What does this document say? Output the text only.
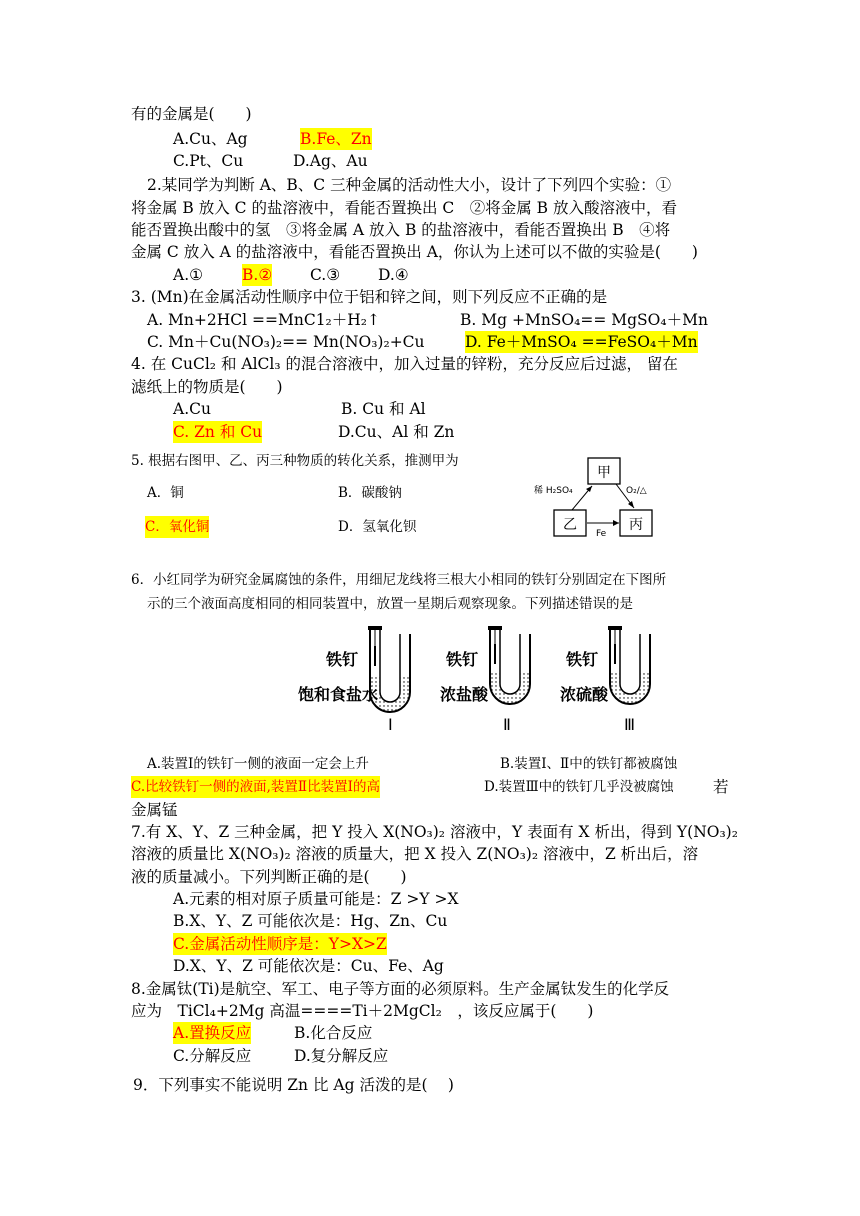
有的金属是(　　)
A.Cu、Ag	B.Fe、Zn
C.Pt、Cu	D.Ag、Au
2.某同学为判断 A、B、C 三种金属的活动性大小，设计了下列四个实验：①
将金属 B 放入 C 的盐溶液中，看能否置换出 C　②将金属 B 放入酸溶液中，看
能否置换出酸中的氢　③将金属 A 放入 B 的盐溶液中，看能否置换出 B　④将
金属 C 放入 A 的盐溶液中，看能否置换出 A，你认为上述可以不做的实验是(　　)
A.①	B.② C.③ D.④
3. (Mn)在金属活动性顺序中位于铝和锌之间，则下列反应不正确的是
A. Mn+2HCl ==MnC1₂＋H₂↑	B. Mg +MnSO₄== MgSO₄＋Mn
C. Mn＋Cu(NO₃)₂== Mn(NO₃)₂+Cu	D. Fe＋MnSO₄ ==FeSO₄＋Mn
4. 在 CuCl₂ 和 AlCl₃ 的混合溶液中，加入过量的锌粉，充分反应后过滤， 留在
滤纸上的物质是(　　)
A.Cu	B. Cu 和 Al
C. Zn 和 Cu	D.Cu、Al 和 Zn
5. 根据右图甲、乙、丙三种物质的转化关系，推测甲为
A．铜	B．碳酸钠
C．氧化铜	D．氢氧化钡
甲
乙	丙
稀 H₂SO₄	O₂/△
Fe
6．小红同学为研究金属腐蚀的条件，用细尼龙线将三根大小相同的铁钉分别固定在下图所
示的三个液面高度相同的相同装置中，放置一星期后观察现象。下列描述错误的是
铁钉
饱和食盐水
Ⅰ
铁钉
浓盐酸
Ⅱ
铁钉
浓硫酸
Ⅲ
A.装置Ⅰ的铁钉一侧的液面一定会上升	B.装置Ⅰ、Ⅱ中的铁钉都被腐蚀
C.比较铁钉一侧的液面,装置Ⅱ比装置Ⅰ的高	D.装置Ⅲ中的铁钉几乎没被腐蚀	若
金属锰
7.有 X、Y、Z 三种金属，把 Y 投入 X(NO₃)₂ 溶液中，Y 表面有 X 析出，得到 Y(NO₃)₂
溶液的质量比 X(NO₃)₂ 溶液的质量大，把 X 投入 Z(NO₃)₂ 溶液中，Z 析出后，溶
液的质量减小。下列判断正确的是(　　)
A.元素的相对原子质量可能是：Z >Y >X
B.X、Y、Z 可能依次是：Hg、Zn、Cu
C.金属活动性顺序是：Y>X>Z
D.X、Y、Z 可能依次是：Cu、Fe、Ag
8.金属钛(Ti)是航空、军工、电子等方面的必须原料。生产金属钛发生的化学反
应为　TiCl₄+2Mg 高温====Ti＋2MgCl₂　，该反应属于(　　)
A.置换反应	B.化合反应
C.分解反应	D.复分解反应
9．下列事实不能说明 Zn 比 Ag 活泼的是(　 )
